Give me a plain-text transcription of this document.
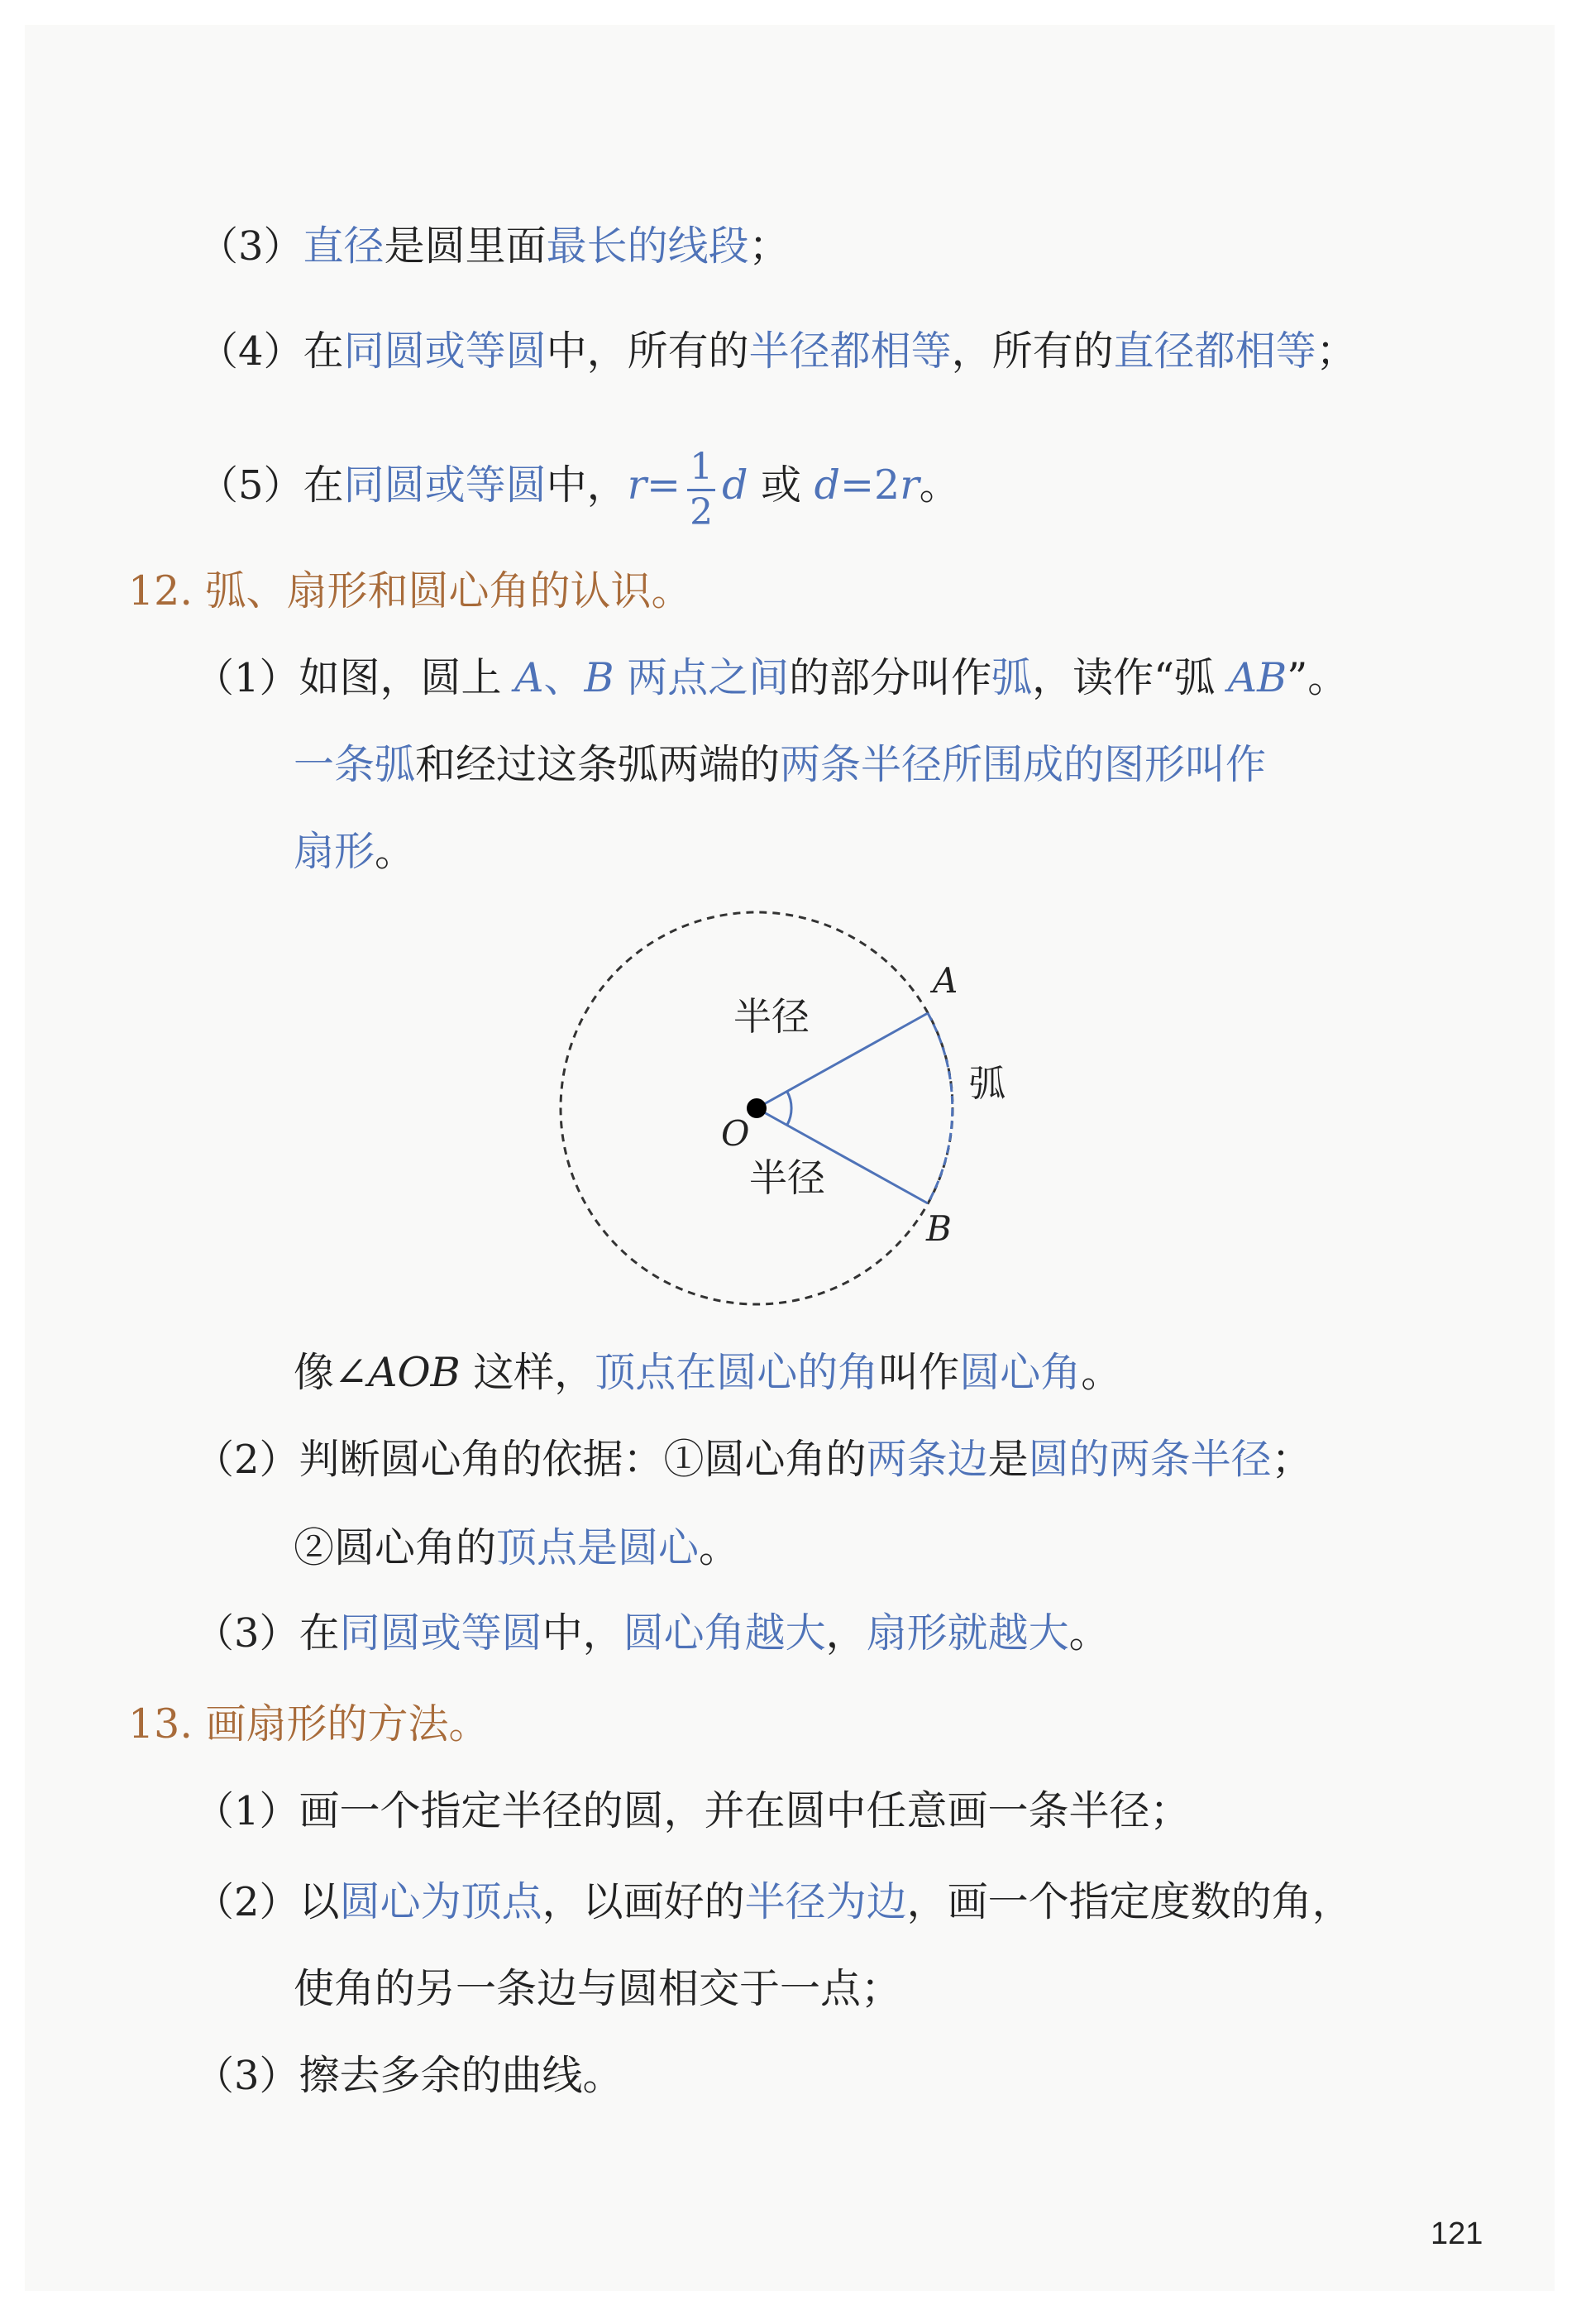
（3）直径是圆里面最长的线段；
（4）在同圆或等圆中，所有的半径都相等，所有的直径都相等；
（5）在同圆或等圆中，$r= \frac{1}{2}$ d 或 d=2r。
12. 弧、扇形和圆心角的认识。
（1）如图，圆上 A、B 两点之间的部分叫作弧，读作“弧 AB”。
一条弧和经过这条弧两端的两条半径所围成的图形叫作
扇形。
A
B
O
半径
半径
弧
像∠AOB 这样，顶点在圆心的角叫作圆心角。
（2）判断圆心角的依据：①圆心角的两条边是圆的两条半径；
②圆心角的顶点是圆心。
（3）在同圆或等圆中，圆心角越大，扇形就越大。
13. 画扇形的方法。
（1）画一个指定半径的圆，并在圆中任意画一条半径；
（2）以圆心为顶点，以画好的半径为边，画一个指定度数的角，
使角的另一条边与圆相交于一点；
（3）擦去多余的曲线。
121
